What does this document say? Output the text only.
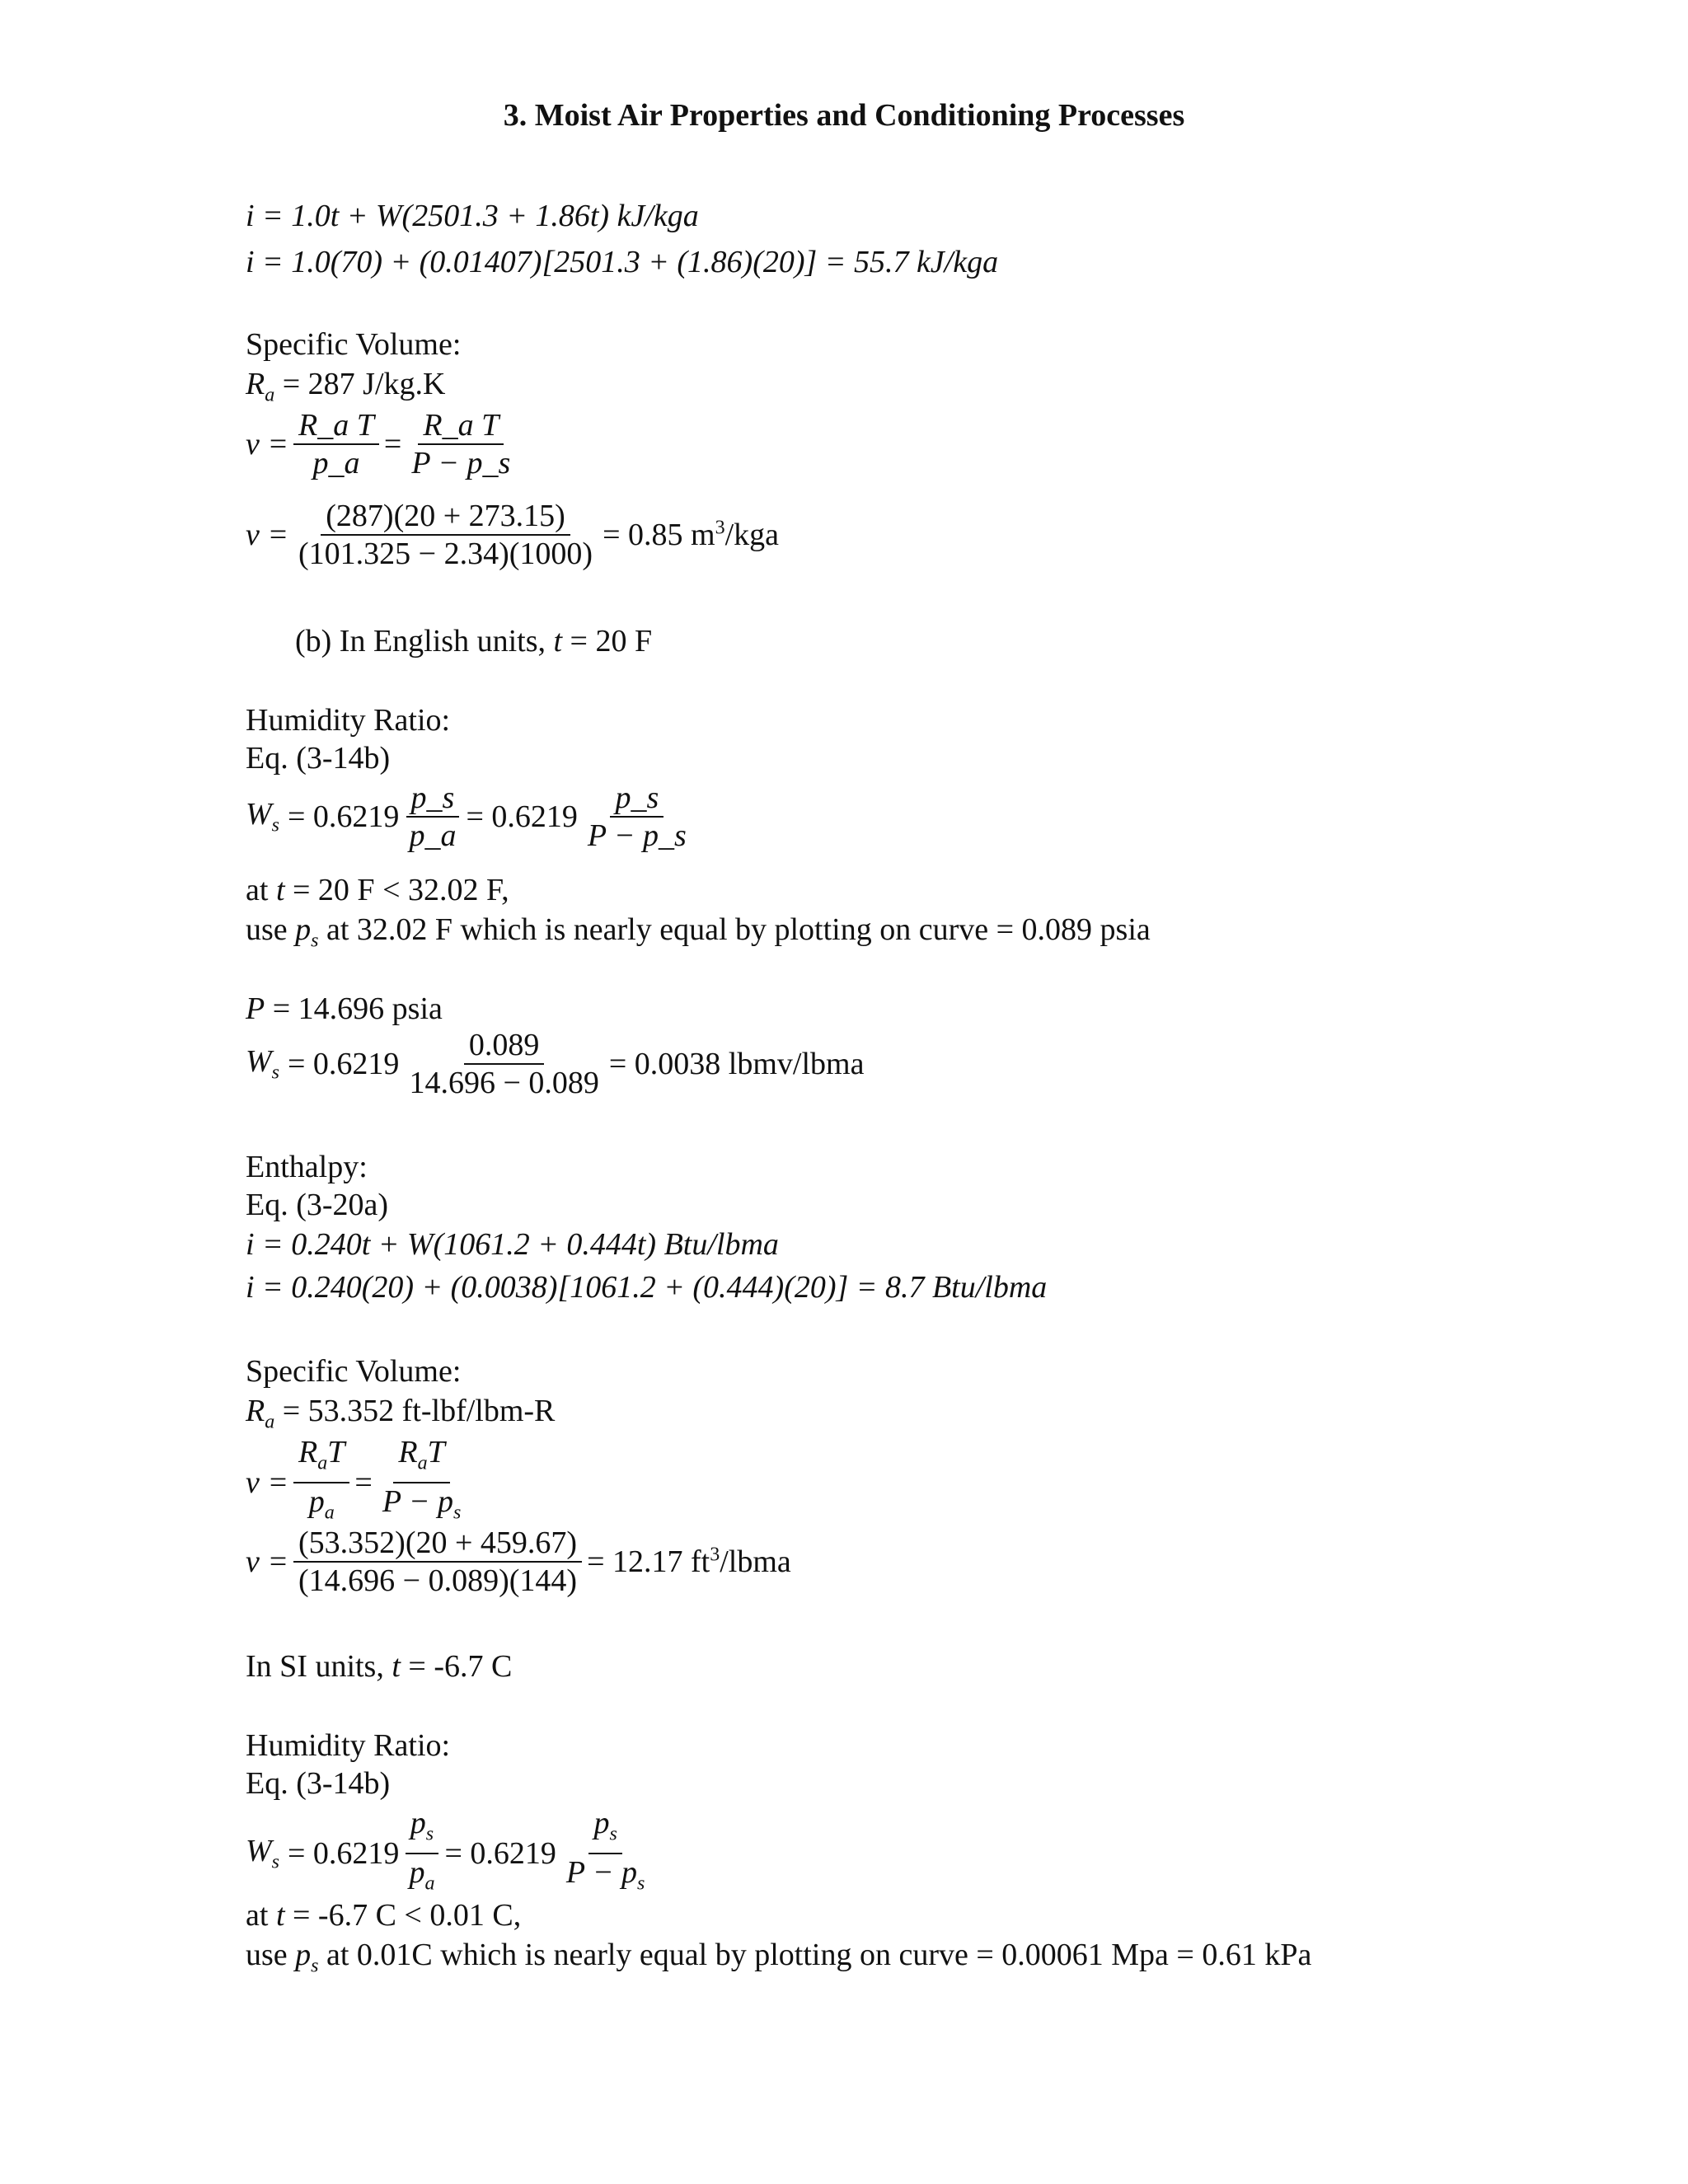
3. Moist Air Properties and Conditioning Processes
i = 1.0t + W(2501.3 + 1.86t) kJ/kga
i = 1.0(70) + (0.01407)[2501.3 + (1.86)(20)] = 55.7 kJ/kga
Specific Volume:
$R_a = 287$ J/kg.K
$v = \frac{\text{R\_a T}}{p\_a} = \frac{\text{R\_a T}}{P - p\_s}$
$v = \frac{(287)(20 + 273.15)}{(101.325 - 2.34)(1000)} = 0.85$ $m^3$/kga
(b) In English units, t = 20 F
Humidity Ratio:
Eq. (3-14b)
$W_s = 0.6219 \frac{p\_s}{p\_a} = 0.6219 \frac{p\_s}{P - p\_s}$
at t = 20 F < 32.02 F,
use $p_s$ at 32.02 F which is nearly equal by plotting on curve = 0.089 psia
P = 14.696 psia
$W_s = 0.6219 \frac{0.089}{14.696 - 0.089} = 0.0038$ lbmv/lbma
Enthalpy:
Eq. (3-20a)
i = 0.240t + W(1061.2 + 0.444t) Btu/lbma
i = 0.240(20) + (0.0038)[1061.2 + (0.444)(20)] = 8.7 Btu/lbma
Specific Volume:
$R_a = 53.352$ ft-lbf/lbm-R
$v = \frac{R_aT}{p_a} = \frac{R_aT}{P - p_s}$
$v = \frac{(53.352)(20 + 459.67)}{(14.696 - 0.089)(144)} = 12.17$ $ft^3$/lbma
In SI units, t = -6.7 C
Humidity Ratio:
Eq. (3-14b)
$W_s = 0.6219 \frac{p_s}{p_a} = 0.6219 \frac{p_s}{P - p_s}$
at t = -6.7 C < 0.01 C,
use $p_s$ at 0.01C which is nearly equal by plotting on curve = 0.00061 Mpa = 0.61 kPa
